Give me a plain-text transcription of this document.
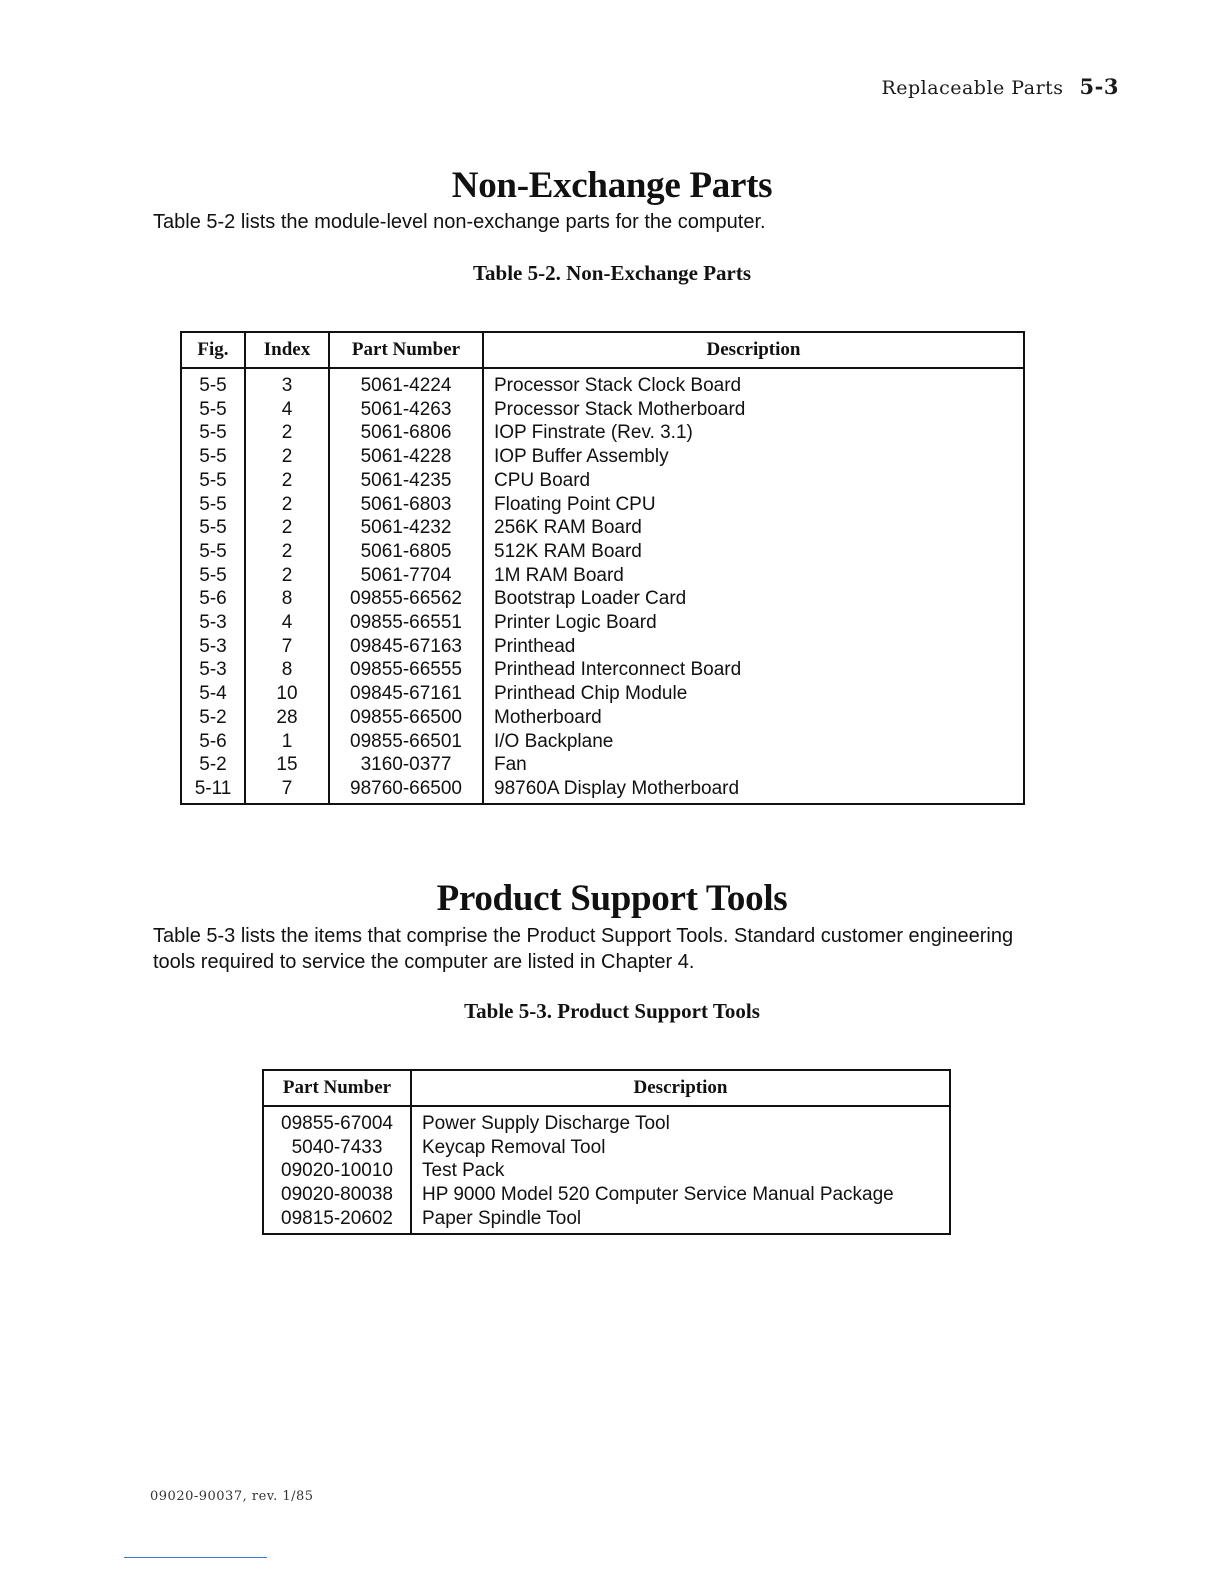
Replaceable Parts 5-3
Non-Exchange Parts

Table 5-2 lists the module-level non-exchange parts for the computer.

Table 5-2. Non-Exchange Parts

Fig.	Index	Part Number	Description
5-5	3	5061-4224	Processor Stack Clock Board
5-5	4	5061-4263	Processor Stack Motherboard
5-5	2	5061-6806	IOP Finstrate (Rev. 3.1)
5-5	2	5061-4228	IOP Buffer Assembly
5-5	2	5061-4235	CPU Board
5-5	2	5061-6803	Floating Point CPU
5-5	2	5061-4232	256K RAM Board
5-5	2	5061-6805	512K RAM Board
5-5	2	5061-7704	1M RAM Board
5-6	8	09855-66562	Bootstrap Loader Card
5-3	4	09855-66551	Printer Logic Board
5-3	7	09845-67163	Printhead
5-3	8	09855-66555	Printhead Interconnect Board
5-4	10	09845-67161	Printhead Chip Module
5-2	28	09855-66500	Motherboard
5-6	1	09855-66501	I/O Backplane
5-2	15	3160-0377	Fan
5-11	7	98760-66500	98760A Display Motherboard
Product Support Tools

Table 5-3 lists the items that comprise the Product Support Tools. Standard customer engineering
tools required to service the computer are listed in Chapter 4.

Table 5-3. Product Support Tools

Part Number	Description
09855-67004	Power Supply Discharge Tool
5040-7433	Keycap Removal Tool
09020-10010	Test Pack
09020-80038	HP 9000 Model 520 Computer Service Manual Package
09815-20602	Paper Spindle Tool
09020-90037, rev. 1/85
